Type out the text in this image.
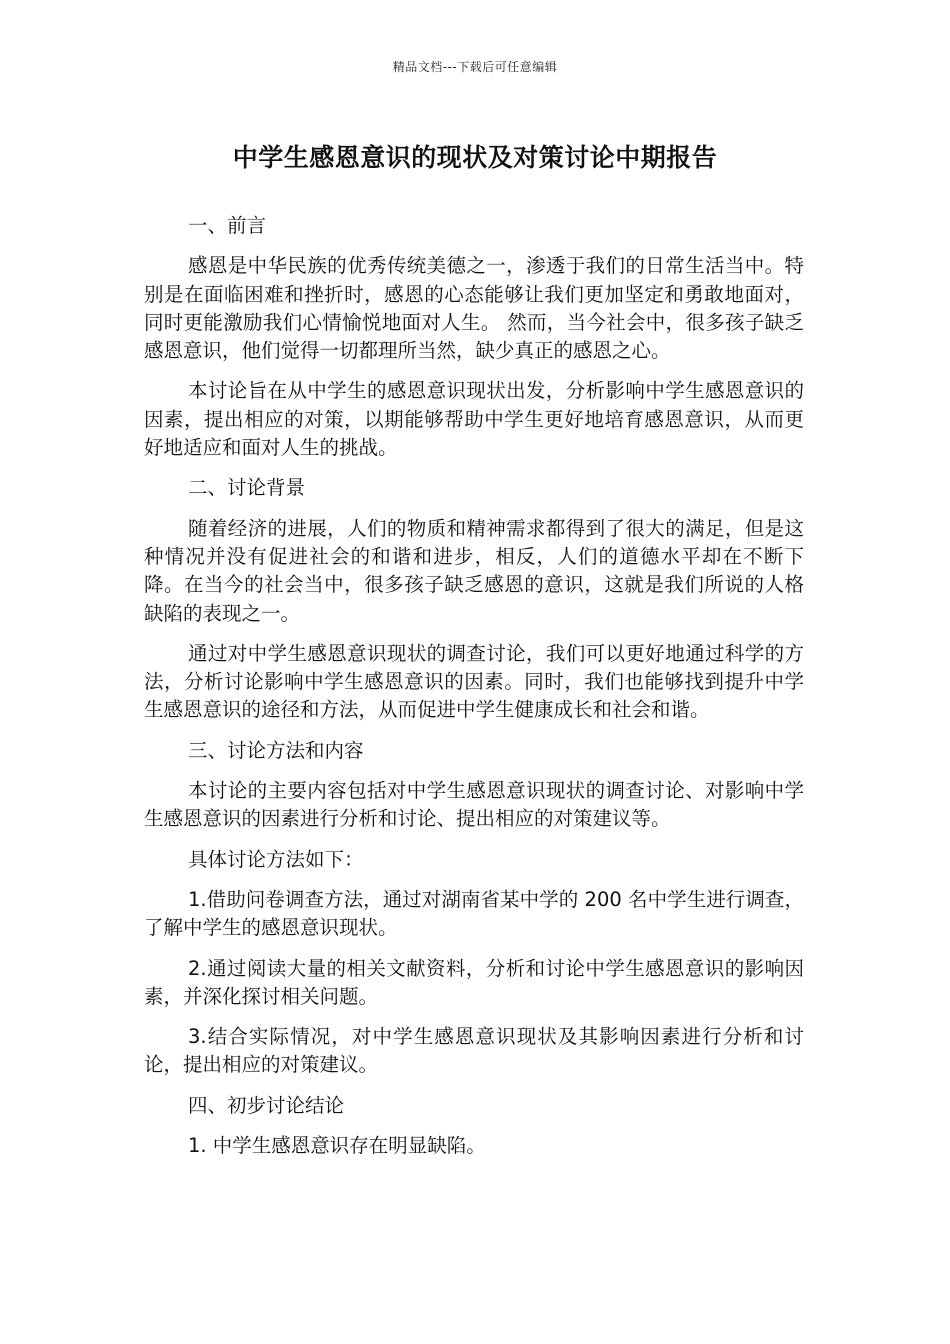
精品文档---下载后可任意编辑
中学生感恩意识的现状及对策讨论中期报告

一、前言

感恩是中华民族的优秀传统美德之一，渗透于我们的日常生活当中。特别是在面临困难和挫折时，感恩的心态能够让我们更加坚定和勇敢地面对，同时更能激励我们心情愉悦地面对人生。 然而，当今社会中，很多孩子缺乏感恩意识，他们觉得一切都理所当然，缺少真正的感恩之心。

本讨论旨在从中学生的感恩意识现状出发，分析影响中学生感恩意识的因素，提出相应的对策，以期能够帮助中学生更好地培育感恩意识，从而更好地适应和面对人生的挑战。

二、讨论背景

随着经济的进展，人们的物质和精神需求都得到了很大的满足，但是这种情况并没有促进社会的和谐和进步，相反，人们的道德水平却在不断下降。在当今的社会当中，很多孩子缺乏感恩的意识，这就是我们所说的人格缺陷的表现之一。

通过对中学生感恩意识现状的调查讨论，我们可以更好地通过科学的方法，分析讨论影响中学生感恩意识的因素。同时，我们也能够找到提升中学生感恩意识的途径和方法，从而促进中学生健康成长和社会和谐。

三、讨论方法和内容

本讨论的主要内容包括对中学生感恩意识现状的调查讨论、对影响中学生感恩意识的因素进行分析和讨论、提出相应的对策建议等。

具体讨论方法如下：

1.借助问卷调查方法，通过对湖南省某中学的 200 名中学生进行调查，了解中学生的感恩意识现状。

2.通过阅读大量的相关文献资料，分析和讨论中学生感恩意识的影响因素，并深化探讨相关问题。

3.结合实际情况，对中学生感恩意识现状及其影响因素进行分析和讨论，提出相应的对策建议。

四、初步讨论结论

1. 中学生感恩意识存在明显缺陷。
